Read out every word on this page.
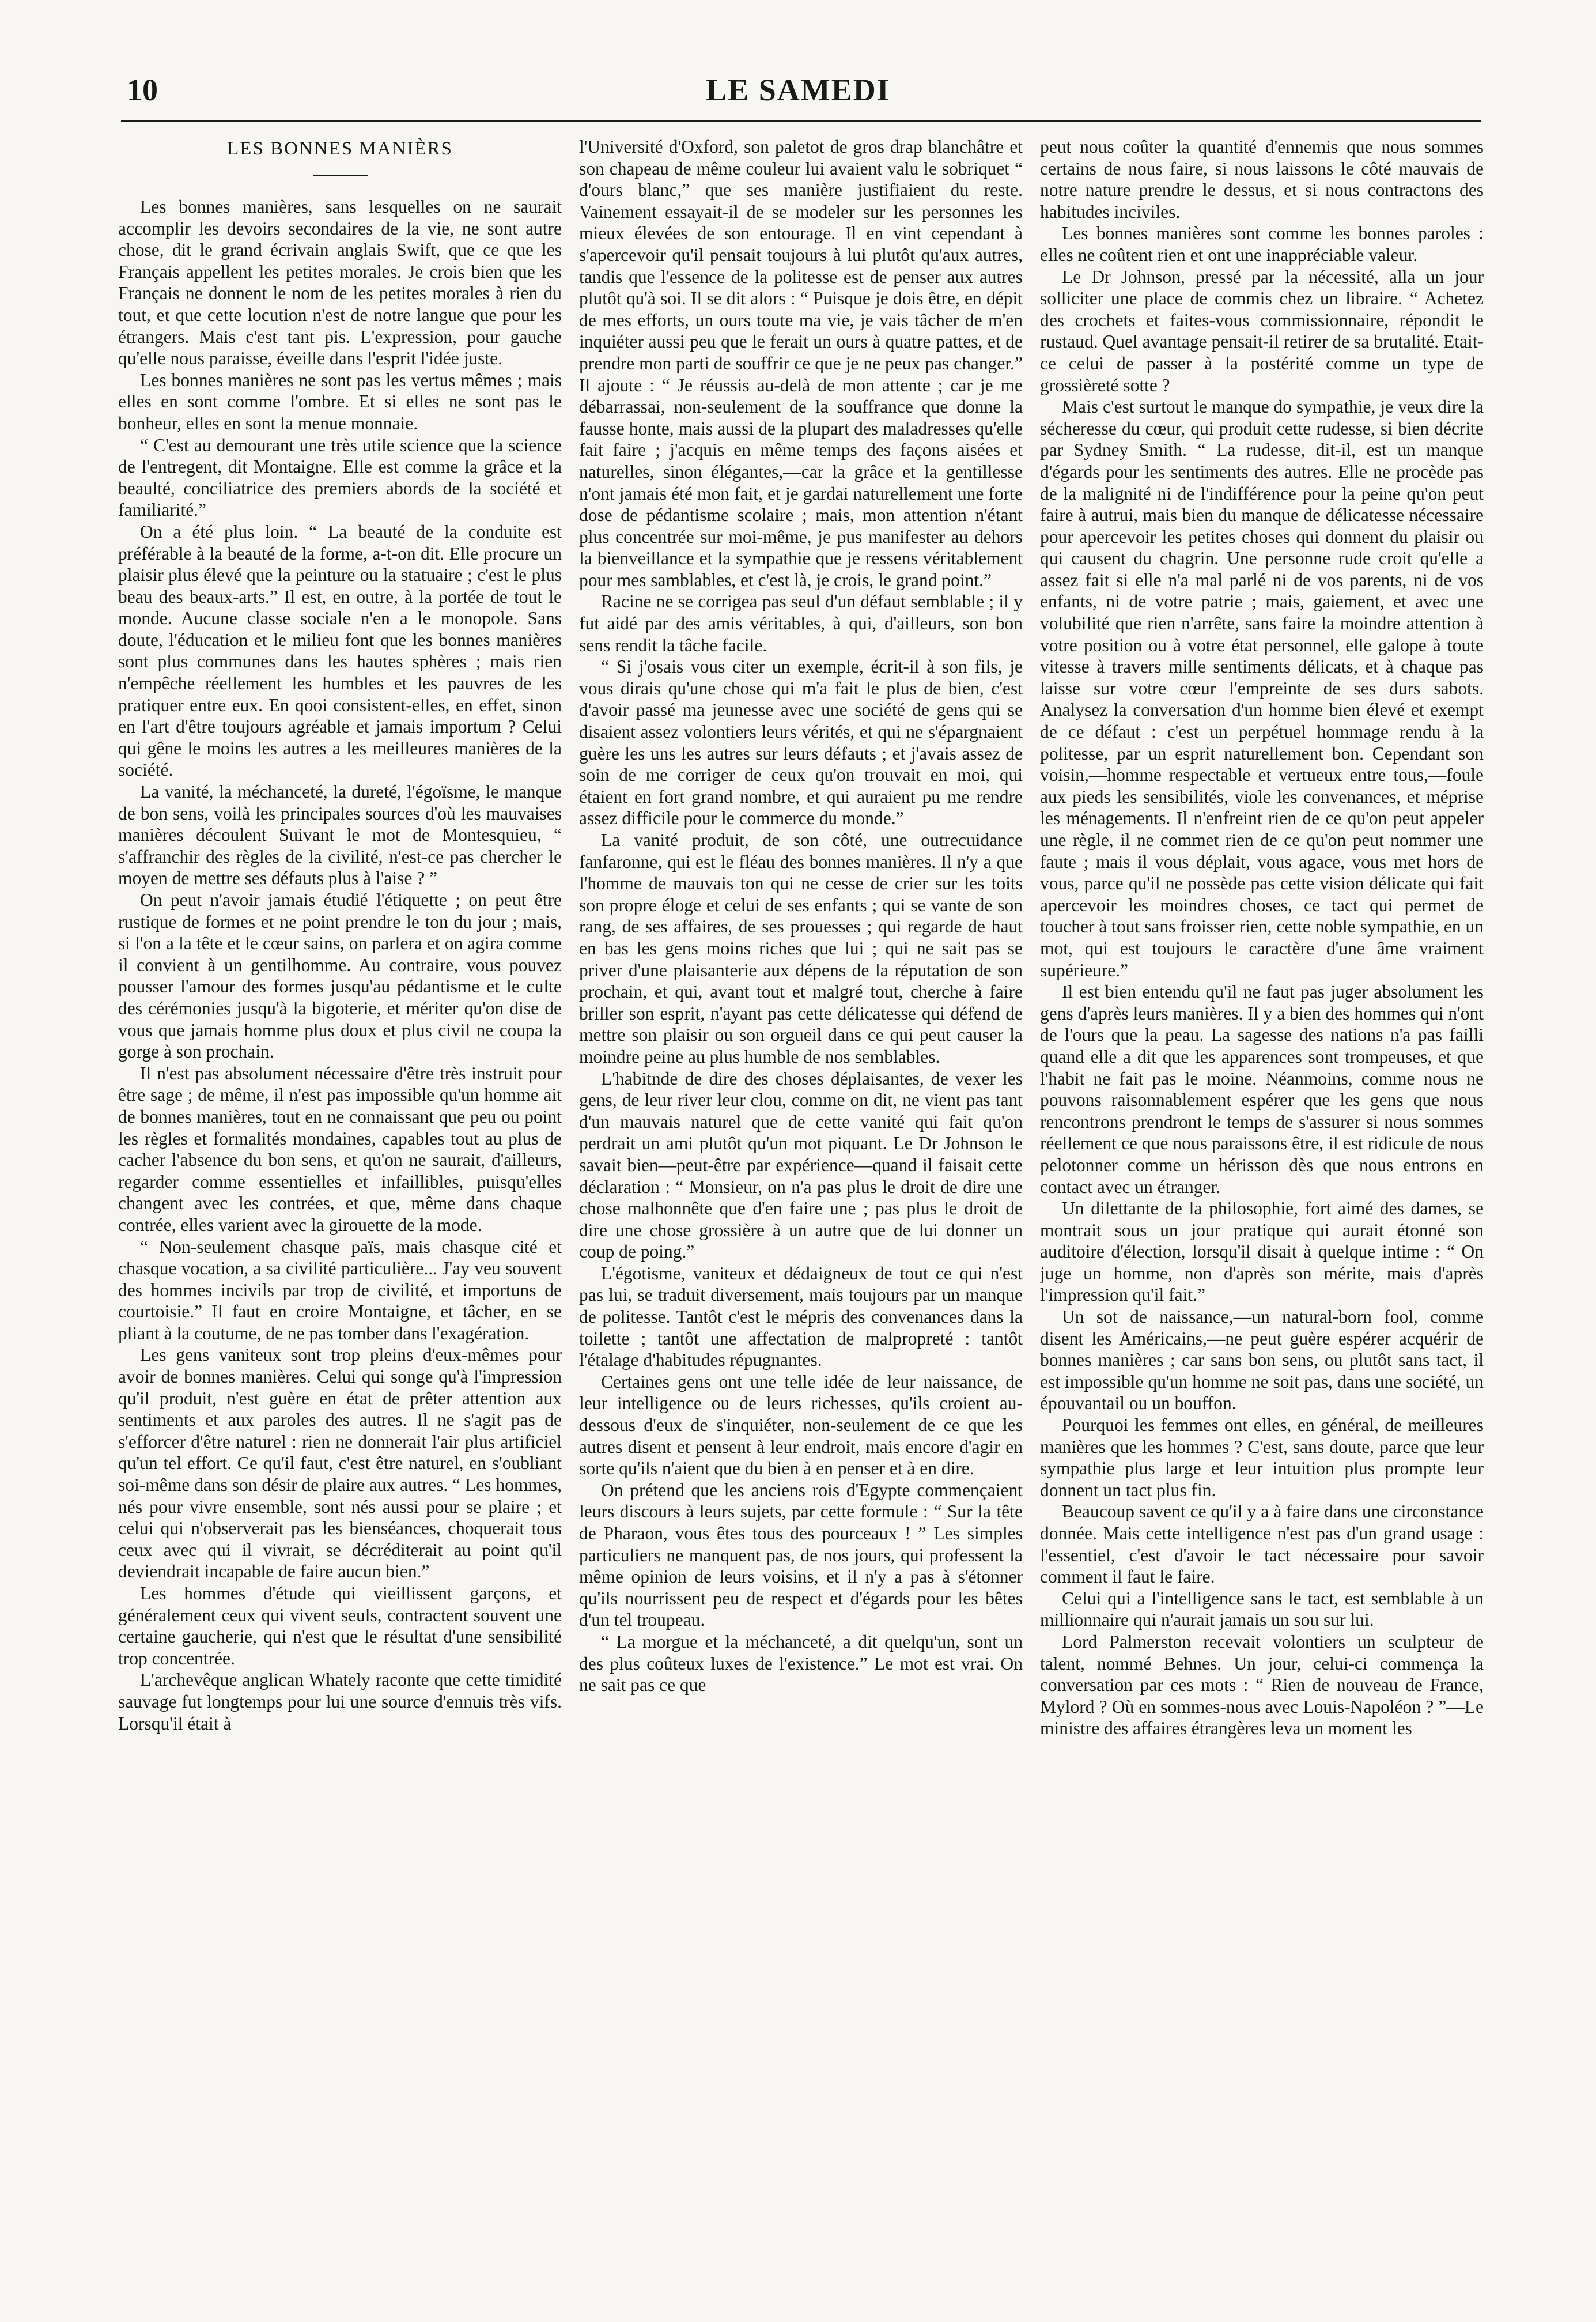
10	LE SAMEDI
LES BONNES MANIÈRS

Les bonnes manières, sans lesquelles on ne saurait accomplir les devoirs secondaires de la vie, ne sont autre chose, dit le grand écrivain anglais Swift, que ce que les Français appellent les petites morales. Je crois bien que les Français ne donnent le nom de les petites morales à rien du tout, et que cette locution n'est de notre langue que pour les étrangers. Mais c'est tant pis. L'expression, pour gauche qu'elle nous paraisse, éveille dans l'esprit l'idée juste.

Les bonnes manières ne sont pas les vertus mêmes ; mais elles en sont comme l'ombre. Et si elles ne sont pas le bonheur, elles en sont la menue monnaie.

“ C'est au demourant une très utile science que la science de l'entregent, dit Montaigne. Elle est comme la grâce et la beaulté, conciliatrice des premiers abords de la société et familiarité.”

On a été plus loin. “ La beauté de la conduite est préférable à la beauté de la forme, a-t-on dit. Elle procure un plaisir plus élevé que la peinture ou la statuaire ; c'est le plus beau des beaux-arts.” Il est, en outre, à la portée de tout le monde. Aucune classe sociale n'en a le monopole. Sans doute, l'éducation et le milieu font que les bonnes manières sont plus communes dans les hautes sphères ; mais rien n'empêche réellement les humbles et les pauvres de les pratiquer entre eux. En qooi consistent-elles, en effet, sinon en l'art d'être toujours agréable et jamais importum ? Celui qui gêne le moins les autres a les meilleures manières de la société.

La vanité, la méchanceté, la dureté, l'égoïsme, le manque de bon sens, voilà les principales sources d'où les mauvaises manières découlent Suivant le mot de Montesquieu, “ s'affranchir des règles de la civilité, n'est-ce pas chercher le moyen de mettre ses défauts plus à l'aise ? ”

On peut n'avoir jamais étudié l'étiquette ; on peut être rustique de formes et ne point prendre le ton du jour ; mais, si l'on a la tête et le cœur sains, on parlera et on agira comme il convient à un gentilhomme. Au contraire, vous pouvez pousser l'amour des formes jusqu'au pédantisme et le culte des cérémonies jusqu'à la bigoterie, et mériter qu'on dise de vous que jamais homme plus doux et plus civil ne coupa la gorge à son prochain.

Il n'est pas absolument nécessaire d'être très instruit pour être sage ; de même, il n'est pas impossible qu'un homme ait de bonnes manières, tout en ne connaissant que peu ou point les règles et formalités mondaines, capables tout au plus de cacher l'absence du bon sens, et qu'on ne saurait, d'ailleurs, regarder comme essentielles et infaillibles, puisqu'elles changent avec les contrées, et que, même dans chaque contrée, elles varient avec la girouette de la mode.

“ Non-seulement chasque païs, mais chasque cité et chasque vocation, a sa civilité particulière... J'ay veu souvent des hommes incivils par trop de civilité, et importuns de courtoisie.” Il faut en croire Montaigne, et tâcher, en se pliant à la coutume, de ne pas tomber dans l'exagération.

Les gens vaniteux sont trop pleins d'eux-mêmes pour avoir de bonnes manières. Celui qui songe qu'à l'impression qu'il produit, n'est guère en état de prêter attention aux sentiments et aux paroles des autres. Il ne s'agit pas de s'efforcer d'être naturel : rien ne donnerait l'air plus artificiel qu'un tel effort. Ce qu'il faut, c'est être naturel, en s'oubliant soi-même dans son désir de plaire aux autres. “ Les hommes, nés pour vivre ensemble, sont nés aussi pour se plaire ; et celui qui n'observerait pas les bienséances, choquerait tous ceux avec qui il vivrait, se décréditerait au point qu'il deviendrait incapable de faire aucun bien.”

Les hommes d'étude qui vieillissent garçons, et généralement ceux qui vivent seuls, contractent souvent une certaine gaucherie, qui n'est que le résultat d'une sensibilité trop concentrée.

L'archevêque anglican Whately raconte que cette timidité sauvage fut longtemps pour lui une source d'ennuis très vifs. Lorsqu'il était à

l'Université d'Oxford, son paletot de gros drap blanchâtre et son chapeau de même couleur lui avaient valu le sobriquet “ d'ours blanc,” que ses manière justifiaient du reste. Vainement essayait-il de se modeler sur les personnes les mieux élevées de son entourage. Il en vint cependant à s'apercevoir qu'il pensait toujours à lui plutôt qu'aux autres, tandis que l'essence de la politesse est de penser aux autres plutôt qu'à soi. Il se dit alors : “ Puisque je dois être, en dépit de mes efforts, un ours toute ma vie, je vais tâcher de m'en inquiéter aussi peu que le ferait un ours à quatre pattes, et de prendre mon parti de souffrir ce que je ne peux pas changer.” Il ajoute : “ Je réussis au-delà de mon attente ; car je me débarrassai, non-seulement de la souffrance que donne la fausse honte, mais aussi de la plupart des maladresses qu'elle fait faire ; j'acquis en même temps des façons aisées et naturelles, sinon élégantes,—car la grâce et la gentillesse n'ont jamais été mon fait, et je gardai naturellement une forte dose de pédantisme scolaire ; mais, mon attention n'étant plus concentrée sur moi-même, je pus manifester au dehors la bienveillance et la sympathie que je ressens véritablement pour mes samblables, et c'est là, je crois, le grand point.”

Racine ne se corrigea pas seul d'un défaut semblable ; il y fut aidé par des amis véritables, à qui, d'ailleurs, son bon sens rendit la tâche facile.

“ Si j'osais vous citer un exemple, écrit-il à son fils, je vous dirais qu'une chose qui m'a fait le plus de bien, c'est d'avoir passé ma jeunesse avec une société de gens qui se disaient assez volontiers leurs vérités, et qui ne s'épargnaient guère les uns les autres sur leurs défauts ; et j'avais assez de soin de me corriger de ceux qu'on trouvait en moi, qui étaient en fort grand nombre, et qui auraient pu me rendre assez difficile pour le commerce du monde.”

La vanité produit, de son côté, une outrecuidance fanfaronne, qui est le fléau des bonnes manières. Il n'y a que l'homme de mauvais ton qui ne cesse de crier sur les toits son propre éloge et celui de ses enfants ; qui se vante de son rang, de ses affaires, de ses prouesses ; qui regarde de haut en bas les gens moins riches que lui ; qui ne sait pas se priver d'une plaisanterie aux dépens de la réputation de son prochain, et qui, avant tout et malgré tout, cherche à faire briller son esprit, n'ayant pas cette délicatesse qui défend de mettre son plaisir ou son orgueil dans ce qui peut causer la moindre peine au plus humble de nos semblables.

L'habitnde de dire des choses déplaisantes, de vexer les gens, de leur river leur clou, comme on dit, ne vient pas tant d'un mauvais naturel que de cette vanité qui fait qu'on perdrait un ami plutôt qu'un mot piquant. Le Dr Johnson le savait bien—peut-être par expérience—quand il faisait cette déclaration : “ Monsieur, on n'a pas plus le droit de dire une chose malhonnête que d'en faire une ; pas plus le droit de dire une chose grossière à un autre que de lui donner un coup de poing.”

L'égotisme, vaniteux et dédaigneux de tout ce qui n'est pas lui, se traduit diversement, mais toujours par un manque de politesse. Tantôt c'est le mépris des convenances dans la toilette ; tantôt une affectation de malpropreté : tantôt l'étalage d'habitudes répugnantes.

Certaines gens ont une telle idée de leur naissance, de leur intelligence ou de leurs richesses, qu'ils croient au-dessous d'eux de s'inquiéter, non-seulement de ce que les autres disent et pensent à leur endroit, mais encore d'agir en sorte qu'ils n'aient que du bien à en penser et à en dire.

On prétend que les anciens rois d'Egypte commençaient leurs discours à leurs sujets, par cette formule : “ Sur la tête de Pharaon, vous êtes tous des pourceaux ! ” Les simples particuliers ne manquent pas, de nos jours, qui professent la même opinion de leurs voisins, et il n'y a pas à s'étonner qu'ils nourrissent peu de respect et d'égards pour les bêtes d'un tel troupeau.

“ La morgue et la méchanceté, a dit quelqu'un, sont un des plus coûteux luxes de l'existence.” Le mot est vrai. On ne sait pas ce que

peut nous coûter la quantité d'ennemis que nous sommes certains de nous faire, si nous laissons le côté mauvais de notre nature prendre le dessus, et si nous contractons des habitudes inciviles.

Les bonnes manières sont comme les bonnes paroles : elles ne coûtent rien et ont une inappréciable valeur.

Le Dr Johnson, pressé par la nécessité, alla un jour solliciter une place de commis chez un libraire. “ Achetez des crochets et faites-vous commissionnaire, répondit le rustaud. Quel avantage pensait-il retirer de sa brutalité. Etait-ce celui de passer à la postérité comme un type de grossièreté sotte ?

Mais c'est surtout le manque do sympathie, je veux dire la sécheresse du cœur, qui produit cette rudesse, si bien décrite par Sydney Smith. “ La rudesse, dit-il, est un manque d'égards pour les sentiments des autres. Elle ne procède pas de la malignité ni de l'indifférence pour la peine qu'on peut faire à autrui, mais bien du manque de délicatesse nécessaire pour apercevoir les petites choses qui donnent du plaisir ou qui causent du chagrin. Une personne rude croit qu'elle a assez fait si elle n'a mal parlé ni de vos parents, ni de vos enfants, ni de votre patrie ; mais, gaiement, et avec une volubilité que rien n'arrête, sans faire la moindre attention à votre position ou à votre état personnel, elle galope à toute vitesse à travers mille sentiments délicats, et à chaque pas laisse sur votre cœur l'empreinte de ses durs sabots. Analysez la conversation d'un homme bien élevé et exempt de ce défaut : c'est un perpétuel hommage rendu à la politesse, par un esprit naturellement bon. Cependant son voisin,—homme respectable et vertueux entre tous,—foule aux pieds les sensibilités, viole les convenances, et méprise les ménagements. Il n'enfreint rien de ce qu'on peut appeler une règle, il ne commet rien de ce qu'on peut nommer une faute ; mais il vous déplait, vous agace, vous met hors de vous, parce qu'il ne possède pas cette vision délicate qui fait apercevoir les moindres choses, ce tact qui permet de toucher à tout sans froisser rien, cette noble sympathie, en un mot, qui est toujours le caractère d'une âme vraiment supérieure.”

Il est bien entendu qu'il ne faut pas juger absolument les gens d'après leurs manières. Il y a bien des hommes qui n'ont de l'ours que la peau. La sagesse des nations n'a pas failli quand elle a dit que les apparences sont trompeuses, et que l'habit ne fait pas le moine. Néanmoins, comme nous ne pouvons raisonnablement espérer que les gens que nous rencontrons prendront le temps de s'assurer si nous sommes réellement ce que nous paraissons être, il est ridicule de nous pelotonner comme un hérisson dès que nous entrons en contact avec un étranger.

Un dilettante de la philosophie, fort aimé des dames, se montrait sous un jour pratique qui aurait étonné son auditoire d'élection, lorsqu'il disait à quelque intime : “ On juge un homme, non d'après son mérite, mais d'après l'impression qu'il fait.”

Un sot de naissance,—un natural-born fool, comme disent les Américains,—ne peut guère espérer acquérir de bonnes manières ; car sans bon sens, ou plutôt sans tact, il est impossible qu'un homme ne soit pas, dans une société, un épouvantail ou un bouffon.

Pourquoi les femmes ont elles, en général, de meilleures manières que les hommes ? C'est, sans doute, parce que leur sympathie plus large et leur intuition plus prompte leur donnent un tact plus fin.

Beaucoup savent ce qu'il y a à faire dans une circonstance donnée. Mais cette intelligence n'est pas d'un grand usage : l'essentiel, c'est d'avoir le tact nécessaire pour savoir comment il faut le faire.

Celui qui a l'intelligence sans le tact, est semblable à un millionnaire qui n'aurait jamais un sou sur lui.

Lord Palmerston recevait volontiers un sculpteur de talent, nommé Behnes. Un jour, celui-ci commença la conversation par ces mots : “ Rien de nouveau de France, Mylord ? Où en sommes-nous avec Louis-Napoléon ? ”—Le ministre des affaires étrangères leva un moment les
